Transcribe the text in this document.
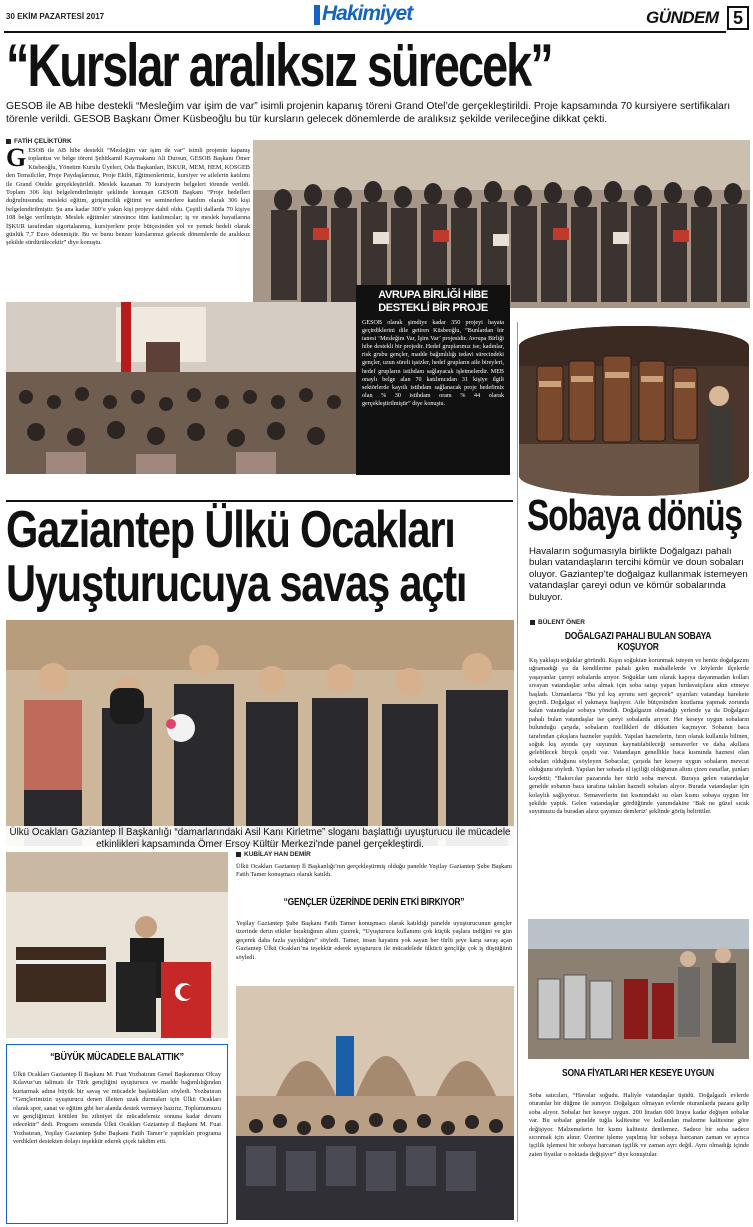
30 EKİM PAZARTESİ 2017	Hakimiyet	GÜNDEM 5
“Kurslar aralıksız sürecek”
GESOB ile AB hibe destekli “Mesleğim var işim de var” isimli projenin kapanış töreni Grand Otel’de gerçekleştirildi. Proje kapsamında 70 kursiyere sertifikaları törenle verildi. GESOB Başkanı Ömer Küsbeoğlu bu tür kursların gelecek dönemlerde de aralıksız şekilde verileceğine dikkat çekti.
FATİH ÇELİKTÜRK
G ESOB ile AB hibe destekli “Mesleğim var işim de var” isimli projenin kapanış toplantısı ve belge töreni Şehitkamil Kaymakamı Ali Dursun, GESOB Başkanı Ömer Küsbeoğlu, Yönetim Kurulu Üyeleri, Oda Başkanları, İSKUR, MEM, HEM, KOSGEB den Temsilciler, Proje Paydaşlarımız, Proje Ekibi, Eğitmenlerimiz, kursiyer ve ailelerin katılımı ile Grand Otelde gerçekleştirildi. Meslek kazanan 70 kursiyerin belgeleri törende verildi. Toplam 306 kişi belgelendirilmiştir şeklinde konuşan GESOB Başkanı “Proje hedefleri doğrultusunda; mesleki eğitim, girişimcilik eğitimi ve seminerlere katılım olarak 306 kişi belgelendirilmiştir. Şu ana kadar 300’e yakın kişi projeye dahil oldu. Çeşitli dallarda 70 kişiye 108 belge verilmiştir. Meslek eğitimler süresince tüm katılımcılar; iş ve meslek hayatlarına İŞKUR tarafından sigortalanmış, kursiyerlere proje bütçesinden yol ve yemek bedeli olarak günlük 7,7 Euro ödenmiştir. Bu ve bunu benzer kurslarımız gelecek dönemlerde de aralıksız şekilde sürdürülecektir” diye konuştu.
AVRUPA BİRLİĞİ HİBE DESTEKLİ BİR PROJE
GESOB olarak şimdiye kadar 350 projeyi hayata geçirdiklerini dile getiren Küsbeoğlu, “Bunlardan bir tanesi ‘Mesleğim Var, İşim Var’ projesidir. Avrupa Birliği hibe destekli bir projedir. Hedef gruplarımız ise; kadınlar, risk grubu gençler, madde bağımlılığı tedavi sürecindeki gençler, uzun süreli işsizler, hedef grupların aile bireyleri, hedef grupların istihdam sağlayacak işletmelerdir. MEB onaylı belge alan 70 katılımcıdan 31 kişiye ilgili sektörlerde kayıtlı istihdam sağlanacak proje hedefimiz olan % 30 istihdam oranı % 44 olarak gerçekleştirilmiştir” diye konuştu.
Sobaya dönüş
Havaların soğumasıyla birlikte Doğalgazı pahalı bulan vatandaşların tercihi kömür ve doun sobaları oluyor. Gaziantep’te doğalgaz kullanmak istemeyen vatandaşlar çareyi odun ve kömür sobalarında buluyor.
BÜLENT ÖNER
DOĞALGAZI PAHALI BULAN SOBAYA KOŞUYOR
Kış yaklaştı soğuklar göründü. Kışın soğuktan korunmak isteyen ve henüz doğalgazını uğramadığı ya da kendilerine pahalı gelen mahallelerde ve köylerde ilçelerde yaşayanlar çareyi sobalarda arıyor. Soğuklar tam olarak kapıya dayanmadan kolları sıvayan vatandaşlar soba almak için soba satışı yapan hırdavatçılara akın etmeye başladı. Uzmanlarca “Bu yıl kış ayrımı sert geçecek” uyarıları vatandaşı harekete geçirdi. Doğalgaz el yakmaya başlıyor. Aile bütçesinden kısıtlama yapmak zorunda kalan vatandaşlar sobaya yöneldi. Doğalgazın olmadığı yerlerde ya da Doğalgazı pahalı bulan vatandaşlar ise çareyi sobalarda arıyor. Her keseye uygun sobaların bulunduğu çarşıda, sobaların özellikleri de dikkatten kaçmıyor. Sobanın baca tarafından çıkışlara hazneler yapıldı. Yapılan haznelerin, fırın olarak kullanıla bilinen, soğuk kış ayında çay suyunun kaynatılabileceği semaverler ve daha akıllara gelebilecek birçok çeşidi var. Vatandaşın genellikle baca kısmında haznesi olan sobaları olduğunu söyleyen Sobacılar, çarşıda her keseye uygun sobaların mevcut olduğunu söyledi. Yapılan her sobada el işçiliği olduğunun altını çizen esnaflar, şunları kaydetti; “Bakırcılar pazarında her türlü soba mevcut. Buraya gelen vatandaşlar genelde sobanın baca tarafına takılan hazneli sobaları alıyor. Burada vatandaşlar için kolaylık sağlıyoruz. Semaverlerin üst kısmındaki su olan kısmı sobaya uygun bir şekilde yaptık. Gelen vatandaşlar gördüğünde yanımdakine ‘Bak ne güzel sıcak suyumuzu da buradan alırız çayımızı demleriz’ şeklinde görüş belirttiler.
SONA FİYATLARI HER KESEYE UYGUN
Soba satıcıları, “Havalar soğudu. Haliyle vatandaşlar üşüdü. Doğalgazlı evlerde oturanlar bir düğme ile ısınıyor. Doğalgazı olmayan evlerde oturanlarda pazara gelip soba alıyor. Sobalar her keseye uygun. 200 liradan 600 liraya kadar değişen sobalar var. Bu sobalar genelde tuğla kalitesine ve kullanılan malzeme kalitesine göre değişiyor. Malzemelerin bir kısmı kalitesiz denilemez. Sadece bir soba sadece sıcınmak için alınır. Üzerine işleme yapılmış bir sobaya harcanan zaman ve ayrıca işçilik işlemesi bir sobaya harcanan işçilik ve zaman ayrı değil. Aynı olmadığı içinde zaten fiyatlar o noktada değişiyor” diye konuştular.
Gaziantep Ülkü Ocakları
Uyuşturucuya savaş açtı
Ülkü Ocakları Gaziantep İl Başkanlığı “damarlarındaki Asil Kanı Kirletme” sloganı başlattığı uyuşturucu ile mücadele etkinlikleri kapsamında Ömer Ersoy Kültür Merkezi’nde panel gerçekleştirdi.
KUBİLAY HAN DEMİR
Ülkü Ocakları Gaziantep İl Başkanlığı’nın gerçekleştirmiş olduğu panelde Yeşilay Gaziantep Şube Başkanı Fatih Tamer konuşmacı olarak katıldı.
“GENÇLER ÜZERİNDE DERİN ETKİ BIRKIYOR”
Yeşilay Gaziantep Şube Başkanı Fatih Tamer konuşmacı olarak katıldığı panelde uyuşturucunun gençler üzerinde derin etkiler bıraktığının altını çizerek, “Uyuşturucu kullanımı çok küçük yaşlara indiğini ve gün geçerek daha fazla yayıldığını” söyledi. Tamer, insan hayatını yok sayan her türlü şeye karşı savaş açan Gaziantep Ülkü Ocakları’na teşekkür ederek uyuşturucu ile mücadelede ülkücü gençliğe çok iş düştüğünü söyledi.
“BÜYÜK MÜCADELE BALATTIK”
Ülkü Ocakları Gaziantep İl Başkanı M. Fuat Yozbatıran Genel Başkanımız Olcay Kılavuz’un talimatı ile Türk gençliğini uyuşturucu ve madde bağımlılığından kurtarmak adına büyük bir savaş ve mücadele başlattıkları söyledi. Yozbatıran “Gençlerimizin uyuşturucu denen illetten uzak durmaları için Ülkü Ocakları olarak spor, sanat ve eğitim gibi her alanda destek vermeye hazırız. Toplumumuzu ve gençliğimizi kötülen bu zihniyet ile mücadelemiz sonuna kadar devam edecektir” dedi. Program sonunda Ülkü Ocakları Gaziantep il Başkanı M. Fuat Yozbatıran, Yeşilay Gaziantep Şube Başkanı Fatih Tamer’e yaptıkları programa verdikleri destekten dolayı teşekkür ederek çiçek takdim etti.
